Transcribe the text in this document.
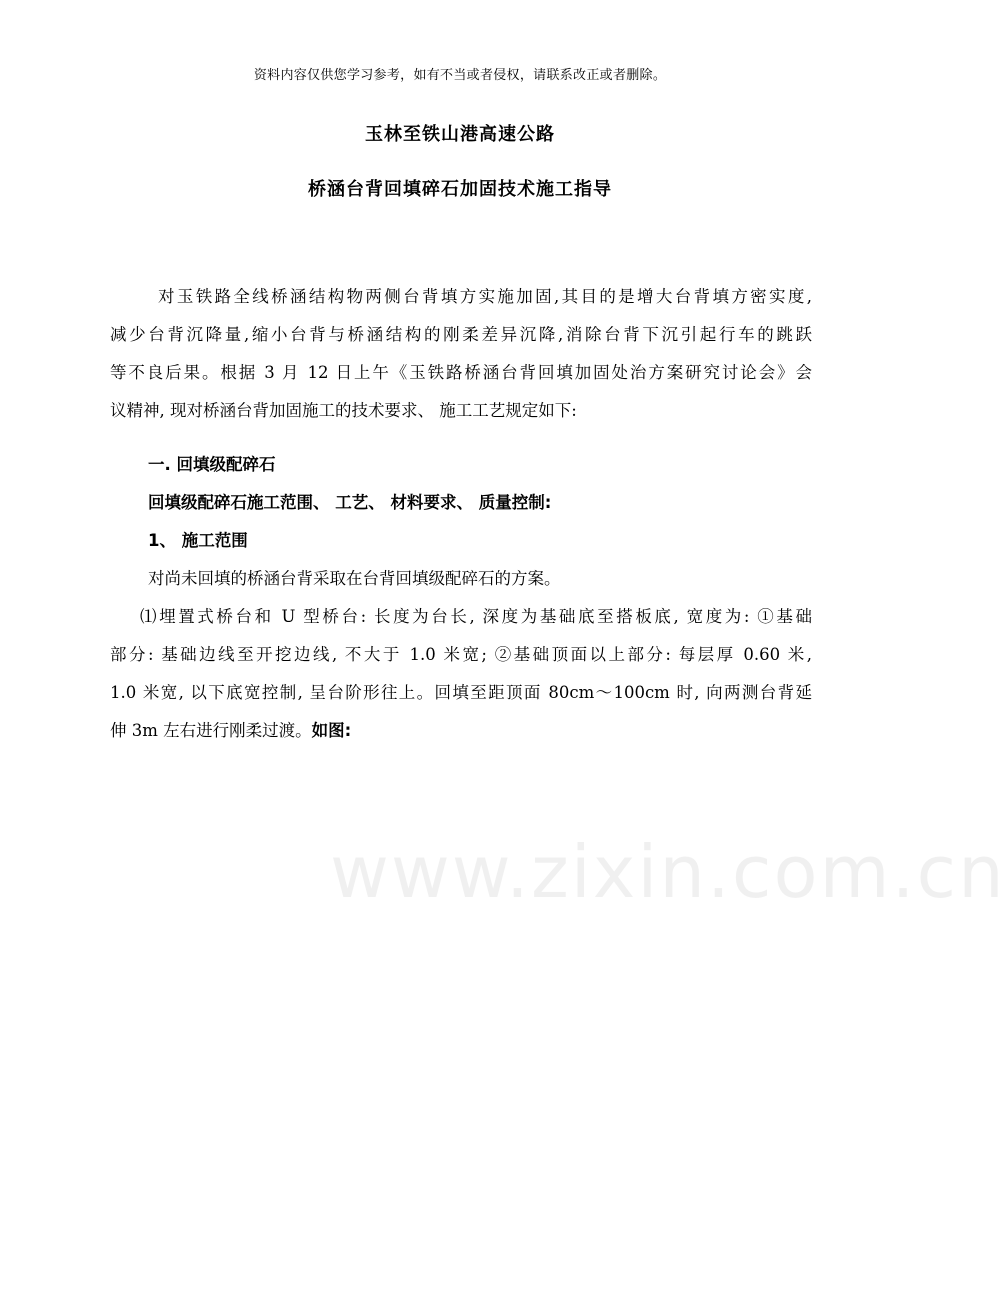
资料内容仅供您学习参考，如有不当或者侵权，请联系改正或者删除。
玉林至铁山港高速公路
桥涵台背回填碎石加固技术施工指导
对玉铁路全线桥涵结构物两侧台背填方实施加固,其目的是增大台背填方密实度,
减少台背沉降量,缩小台背与桥涵结构的刚柔差异沉降,消除台背下沉引起行车的跳跃
等不良后果。根据 3 月 12 日上午《玉铁路桥涵台背回填加固处治方案研究讨论会》会
议精神, 现对桥涵台背加固施工的技术要求、 施工工艺规定如下:
一. 回填级配碎石
回填级配碎石施工范围、 工艺、 材料要求、 质量控制:
1、 施工范围
对尚未回填的桥涵台背采取在台背回填级配碎石的方案。
⑴埋置式桥台和 U 型桥台: 长度为台长, 深度为基础底至搭板底, 宽度为: ①基础
部分: 基础边线至开挖边线, 不大于 1.0 米宽; ②基础顶面以上部分: 每层厚 0.60 米,
1.0 米宽, 以下底宽控制, 呈台阶形往上。回填至距顶面 80cm～100cm 时, 向两测台背延
伸 3m 左右进行刚柔过渡。如图:
www.zixin.com.cn
